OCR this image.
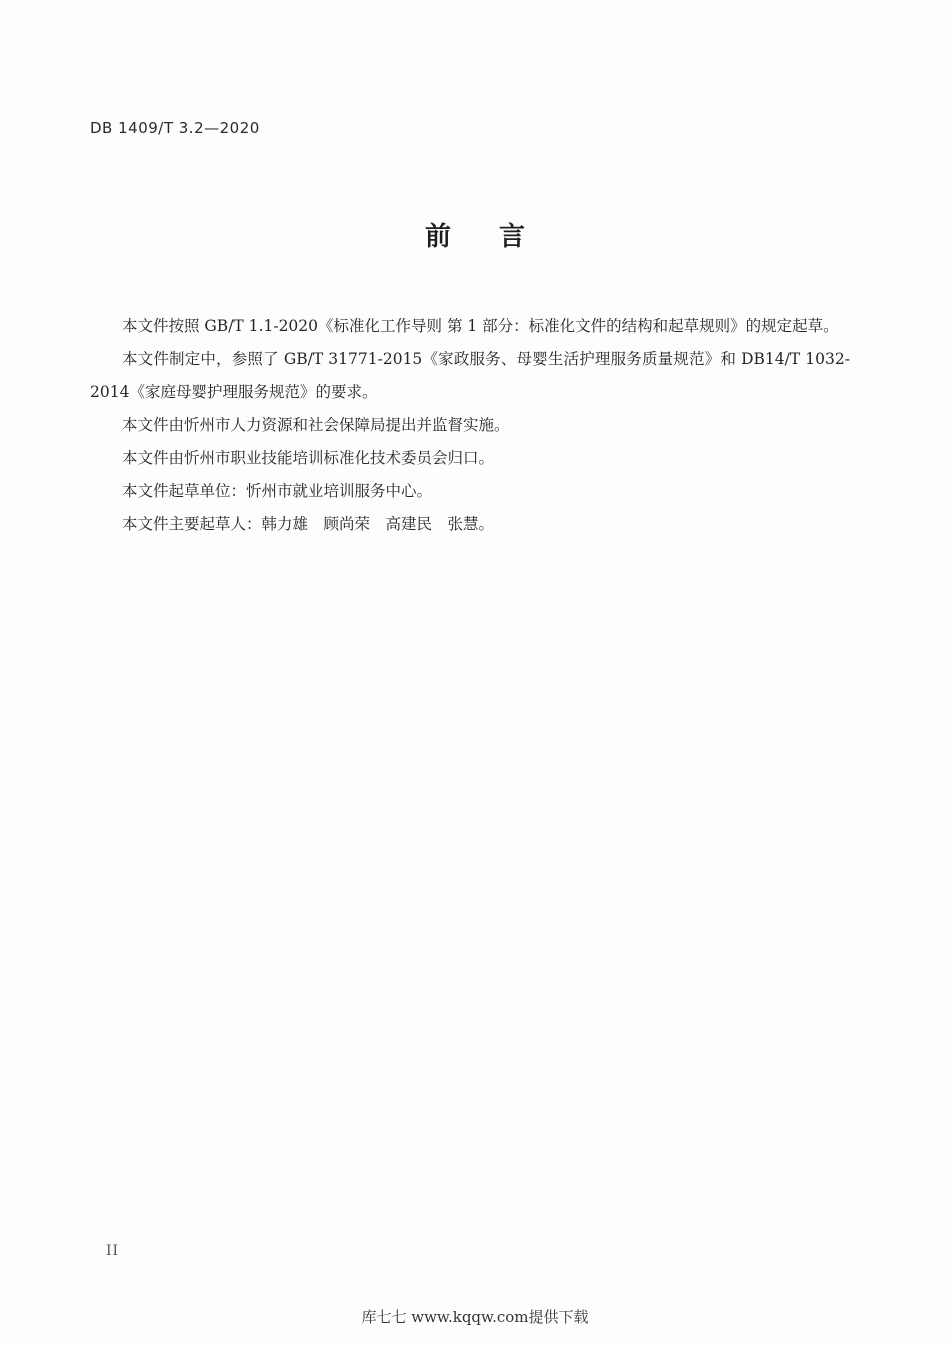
DB 1409/T 3.2—2020
前言

本文件按照 GB/T 1.1-2020《标准化工作导则 第 1 部分：标准化文件的结构和起草规则》的规定起草。

本文件制定中，参照了 GB/T 31771-2015《家政服务、母婴生活护理服务质量规范》和 DB14/T 1032-2014《家庭母婴护理服务规范》的要求。

本文件由忻州市人力资源和社会保障局提出并监督实施。

本文件由忻州市职业技能培训标准化技术委员会归口。

本文件起草单位：忻州市就业培训服务中心。

本文件主要起草人：韩力雄　顾尚荣　高建民　张慧。

II
库七七 www.kqqw.com提供下载
